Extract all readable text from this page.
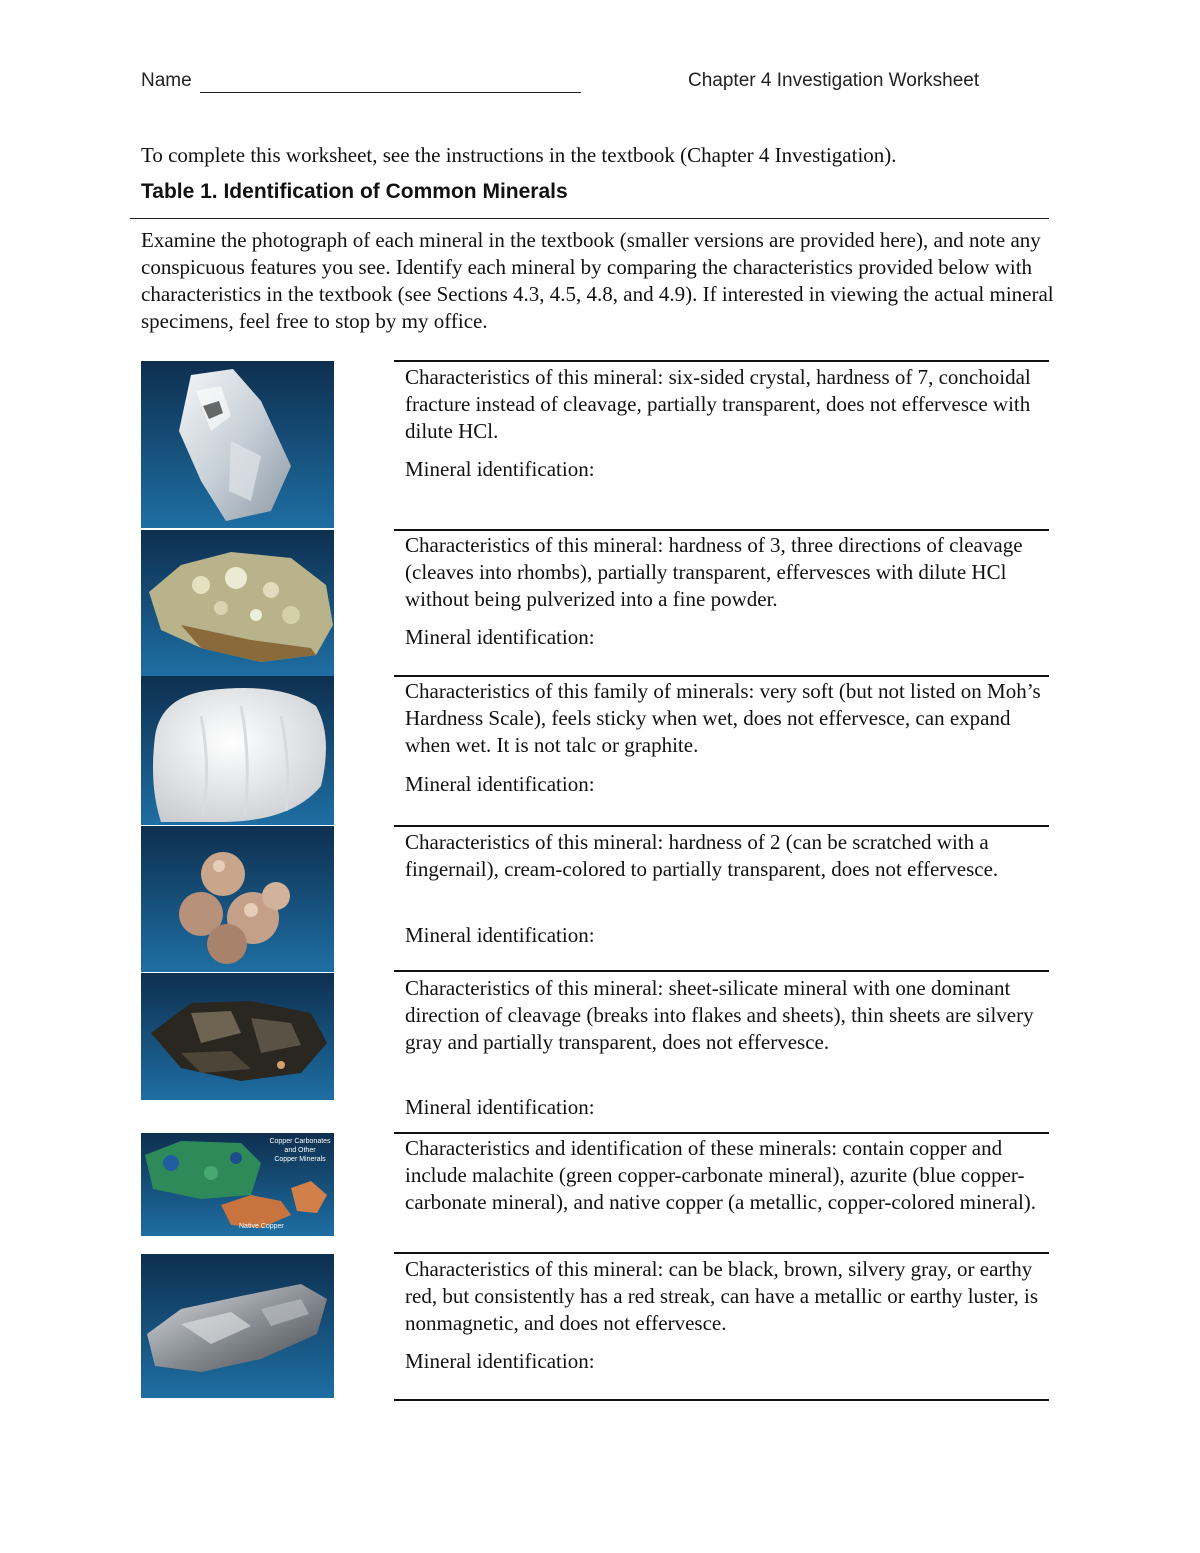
Name	Chapter 4 Investigation Worksheet
To complete this worksheet, see the instructions in the textbook (Chapter 4 Investigation).
Table 1. Identification of Common Minerals
Examine the photograph of each mineral in the textbook (smaller versions are provided here), and note any conspicuous features you see. Identify each mineral by comparing the characteristics provided below with characteristics in the textbook (see Sections 4.3, 4.5, 4.8, and 4.9). If interested in viewing the actual mineral specimens, feel free to stop by my office.
Copper Carbonates
and Other
Copper Minerals
Native Copper
Characteristics of this mineral: six-sided crystal, hardness of 7, conchoidal fracture instead of cleavage, partially transparent, does not effervesce with dilute HCl.
Mineral identification:
Characteristics of this mineral: hardness of 3, three directions of cleavage (cleaves into rhombs), partially transparent, effervesces with dilute HCl without being pulverized into a fine powder.
Mineral identification:
Characteristics of this family of minerals: very soft (but not listed on Moh’s Hardness Scale), feels sticky when wet, does not effervesce, can expand when wet. It is not talc or graphite.
Mineral identification:
Characteristics of this mineral: hardness of 2 (can be scratched with a fingernail), cream-colored to partially transparent, does not effervesce.
Mineral identification:
Characteristics of this mineral: sheet-silicate mineral with one dominant direction of cleavage (breaks into flakes and sheets), thin sheets are silvery gray and partially transparent, does not effervesce.
Mineral identification:
Characteristics and identification of these minerals: contain copper and include malachite (green copper-carbonate mineral), azurite (blue copper-carbonate mineral), and native copper (a metallic, copper-colored mineral).
Characteristics of this mineral: can be black, brown, silvery gray, or earthy red, but consistently has a red streak, can have a metallic or earthy luster, is nonmagnetic, and does not effervesce.
Mineral identification:
